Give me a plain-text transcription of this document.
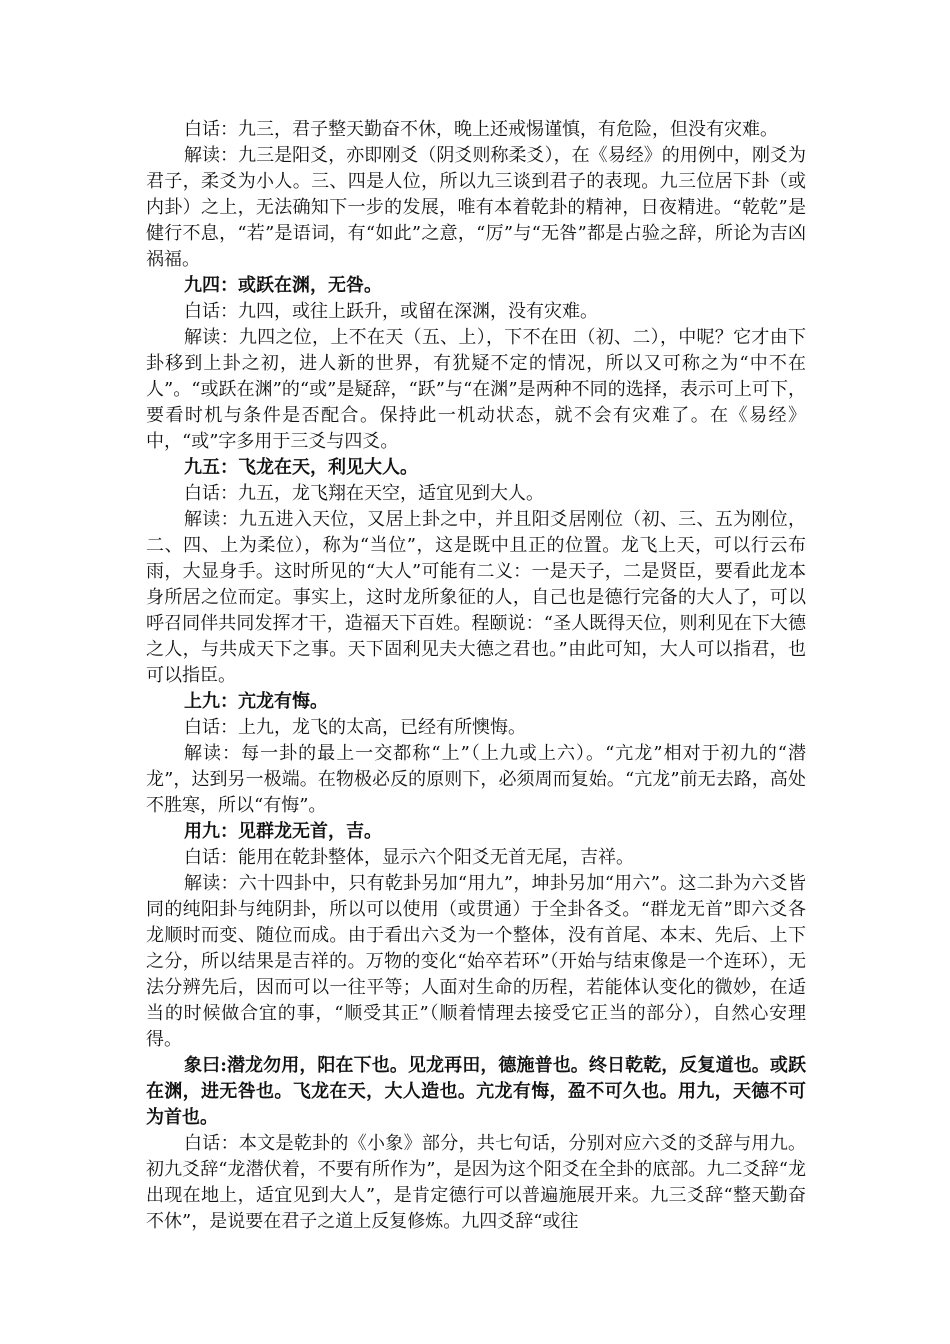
白话：九三，君子整天勤奋不休，晚上还戒惕谨慎，有危险，但没有灾难。

解读：九三是阳爻，亦即刚爻（阴爻则称柔爻），在《易经》的用例中，刚爻为君子，柔爻为小人。三、四是人位，所以九三谈到君子的表现。九三位居下卦（或内卦）之上，无法确知下一步的发展，唯有本着乾卦的精神，日夜精进。“乾乾”是健行不息，“若”是语词，有“如此”之意，“厉”与“无咎”都是占验之辞，所论为吉凶祸福。

九四：或跃在渊，无咎。

白话：九四，或往上跃升，或留在深渊，没有灾难。

解读：九四之位，上不在天（五、上），下不在田（初、二），中呢？它才由下卦移到上卦之初，进人新的世界，有犹疑不定的情况，所以又可称之为“中不在人”。“或跃在渊”的“或”是疑辞，“跃”与“在渊”是两种不同的选择，表示可上可下，要看时机与条件是否配合。保持此一机动状态，就不会有灾难了。在《易经》中，“或”字多用于三爻与四爻。

九五：飞龙在天，利见大人。

白话：九五，龙飞翔在天空，适宜见到大人。

解读：九五进入天位，又居上卦之中，并且阳爻居刚位（初、三、五为刚位，二、四、上为柔位），称为“当位”，这是既中且正的位置。龙飞上天，可以行云布雨，大显身手。这时所见的“大人”可能有二义：一是天子，二是贤臣，要看此龙本身所居之位而定。事实上，这时龙所象征的人，自己也是德行完备的大人了，可以呼召同伴共同发挥才干，造福天下百姓。程颐说：“圣人既得天位，则利见在下大德之人，与共成天下之事。天下固利见夫大德之君也。”由此可知，大人可以指君，也可以指臣。

上九：亢龙有悔。

白话：上九，龙飞的太高，已经有所懊悔。

解读：每一卦的最上一交都称“上”（上九或上六）。“亢龙”相对于初九的“潜龙”，达到另一极端。在物极必反的原则下，必须周而复始。“亢龙”前无去路，高处不胜寒，所以“有悔”。

用九：见群龙无首，吉。

白话：能用在乾卦整体，显示六个阳爻无首无尾，吉祥。

解读：六十四卦中，只有乾卦另加“用九”，坤卦另加“用六”。这二卦为六爻皆同的纯阳卦与纯阴卦，所以可以使用（或贯通）于全卦各爻。“群龙无首”即六爻各龙顺时而变、随位而成。由于看出六爻为一个整体，没有首尾、本末、先后、上下之分，所以结果是吉祥的。万物的变化“始卒若环”（开始与结束像是一个连环），无法分辨先后，因而可以一往平等；人面对生命的历程，若能体认变化的微妙，在适当的时候做合宜的事，“顺受其正”（顺着情理去接受它正当的部分），自然心安理得。

象曰:潜龙勿用，阳在下也。见龙再田，德施普也。终日乾乾，反复道也。或跃在渊，进无咎也。飞龙在天，大人造也。亢龙有悔，盈不可久也。用九，天德不可为首也。

白话：本文是乾卦的《小象》部分，共七句话，分别对应六爻的爻辞与用九。初九爻辞“龙潜伏着，不要有所作为”，是因为这个阳爻在全卦的底部。九二爻辞“龙出现在地上，适宜见到大人”，是肯定德行可以普遍施展开来。九三爻辞“整天勤奋不休”，是说要在君子之道上反复修炼。九四爻辞“或往
